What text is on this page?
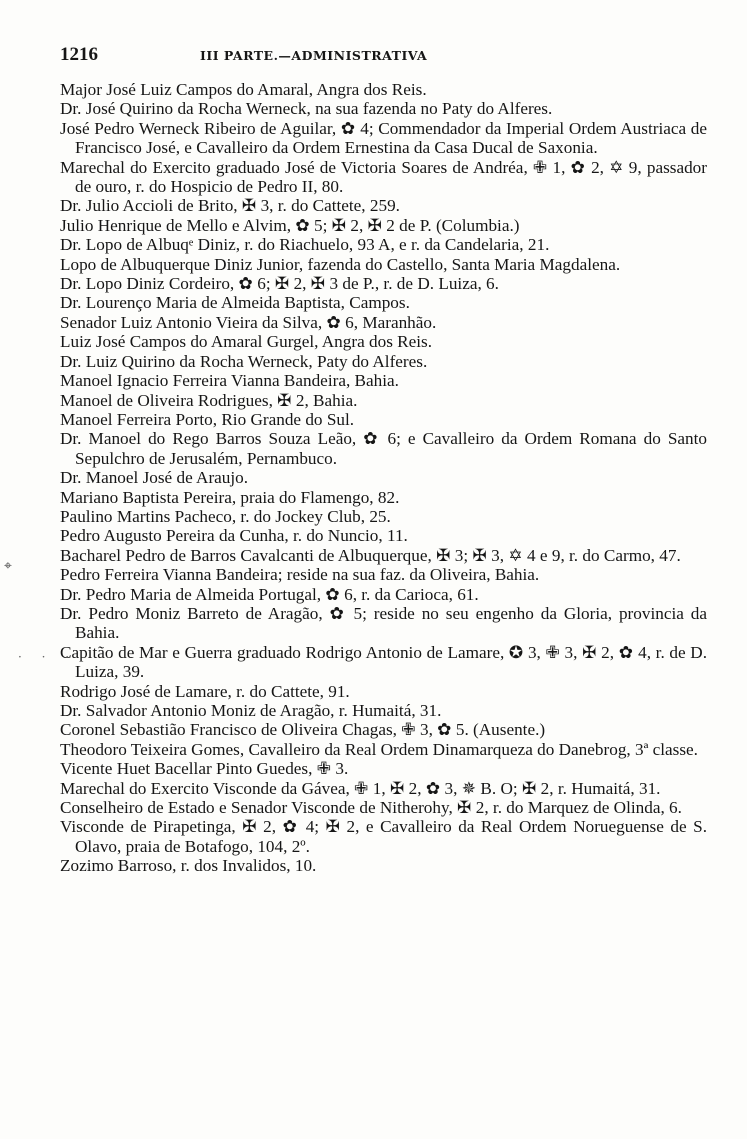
1216	III PARTE.—ADMINISTRATIVA

Major José Luiz Campos do Amaral, Angra dos Reis.

Dr. José Quirino da Rocha Werneck, na sua fazenda no Paty do Alferes.

José Pedro Werneck Ribeiro de Aguilar, ✿ 4; Commendador da Imperial Ordem Austriaca de Francisco José, e Cavalleiro da Ordem Ernestina da Casa Ducal de Saxonia.

Marechal do Exercito graduado José de Victoria Soares de Andréa, ✙ 1, ✿ 2, ✡ 9, passador de ouro, r. do Hospicio de Pedro II, 80.

Dr. Julio Accioli de Brito, ✠ 3, r. do Cattete, 259.

Julio Henrique de Mello e Alvim, ✿ 5; ✠ 2, ✠ 2 de P. (Columbia.)

Dr. Lopo de Albuqᵉ Diniz, r. do Riachuelo, 93 A, e r. da Candelaria, 21.

Lopo de Albuquerque Diniz Junior, fazenda do Castello, Santa Maria Magdalena.

Dr. Lopo Diniz Cordeiro, ✿ 6; ✠ 2, ✠ 3 de P., r. de D. Luiza, 6.

Dr. Lourenço Maria de Almeida Baptista, Campos.

Senador Luiz Antonio Vieira da Silva, ✿ 6, Maranhão.

Luiz José Campos do Amaral Gurgel, Angra dos Reis.

Dr. Luiz Quirino da Rocha Werneck, Paty do Alferes.

Manoel Ignacio Ferreira Vianna Bandeira, Bahia.

Manoel de Oliveira Rodrigues, ✠ 2, Bahia.

Manoel Ferreira Porto, Rio Grande do Sul.

Dr. Manoel do Rego Barros Souza Leão, ✿ 6; e Cavalleiro da Ordem Romana do Santo Sepulchro de Jerusalém, Pernambuco.

Dr. Manoel José de Araujo.

Mariano Baptista Pereira, praia do Flamengo, 82.

Paulino Martins Pacheco, r. do Jockey Club, 25.

Pedro Augusto Pereira da Cunha, r. do Nuncio, 11.

Bacharel Pedro de Barros Cavalcanti de Albuquerque, ✠ 3; ✠ 3, ✡ 4 e 9, r. do Carmo, 47.

Pedro Ferreira Vianna Bandeira; reside na sua faz. da Oliveira, Bahia.

Dr. Pedro Maria de Almeida Portugal, ✿ 6, r. da Carioca, 61.

Dr. Pedro Moniz Barreto de Aragão, ✿ 5; reside no seu engenho da Gloria, provincia da Bahia.

Capitão de Mar e Guerra graduado Rodrigo Antonio de Lamare, ✪ 3, ✙ 3, ✠ 2, ✿ 4, r. de D. Luiza, 39.

Rodrigo José de Lamare, r. do Cattete, 91.

Dr. Salvador Antonio Moniz de Aragão, r. Humaitá, 31.

Coronel Sebastião Francisco de Oliveira Chagas, ✙ 3, ✿ 5. (Ausente.)

Theodoro Teixeira Gomes, Cavalleiro da Real Ordem Dinamarqueza do Danebrog, 3ª classe.

Vicente Huet Bacellar Pinto Guedes, ✙ 3.

Marechal do Exercito Visconde da Gávea, ✙ 1, ✠ 2, ✿ 3, ✵ B. O; ✠ 2, r. Humaitá, 31.

Conselheiro de Estado e Senador Visconde de Nitherohy, ✠ 2, r. do Marquez de Olinda, 6.

Visconde de Pirapetinga, ✠ 2, ✿ 4; ✠ 2, e Cavalleiro da Real Ordem Norueguense de S. Olavo, praia de Botafogo, 104, 2º.

Zozimo Barroso, r. dos Invalidos, 10.

⌖
· · ·
